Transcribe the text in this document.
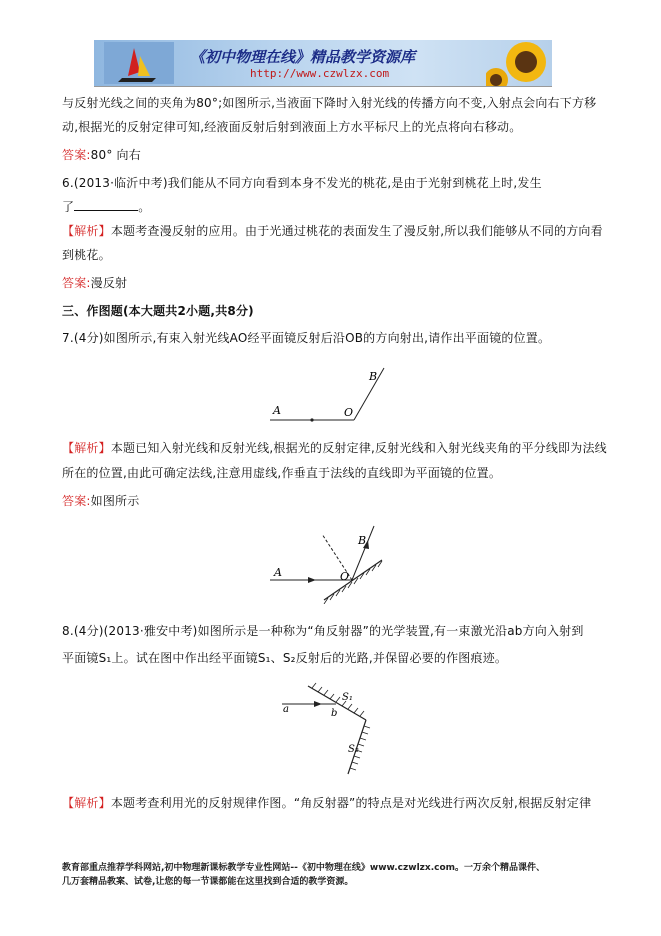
《初中物理在线》精品教学资源库
http://www.czwlzx.com
与反射光线之间的夹角为80°;如图所示,当液面下降时入射光线的传播方向不变,入射点会向右下方移
动,根据光的反射定律可知,经液面反射后射到液面上方水平标尺上的光点将向右移动。
答案:80° 向右
6.(2013·临沂中考)我们能从不同方向看到本身不发光的桃花,是由于光射到桃花上时,发生
了	。
【解析】本题考查漫反射的应用。由于光通过桃花的表面发生了漫反射,所以我们能够从不同的方向看
到桃花。
答案:漫反射
三、作图题(本大题共2小题,共8分)
7.(4分)如图所示,有束入射光线AO经平面镜反射后沿OB的方向射出,请作出平面镜的位置。
A	O
B
【解析】本题已知入射光线和反射光线,根据光的反射定律,反射光线和入射光线夹角的平分线即为法线
所在的位置,由此可确定法线,注意用虚线,作垂直于法线的直线即为平面镜的位置。
答案:如图所示
A	O
B
8.(4分)(2013·雅安中考)如图所示是一种称为“角反射器”的光学装置,有一束激光沿ab方向入射到
平面镜S₁上。试在图中作出经平面镜S₁、S₂反射后的光路,并保留必要的作图痕迹。
a	b
S₁
S₂
【解析】本题考查利用光的反射规律作图。“角反射器”的特点是对光线进行两次反射,根据反射定律
教育部重点推荐学科网站,初中物理新课标教学专业性网站--《初中物理在线》www.czwlzx.com。一万余个精品课件、
几万套精品教案、试卷,让您的每一节课都能在这里找到合适的教学资源。
